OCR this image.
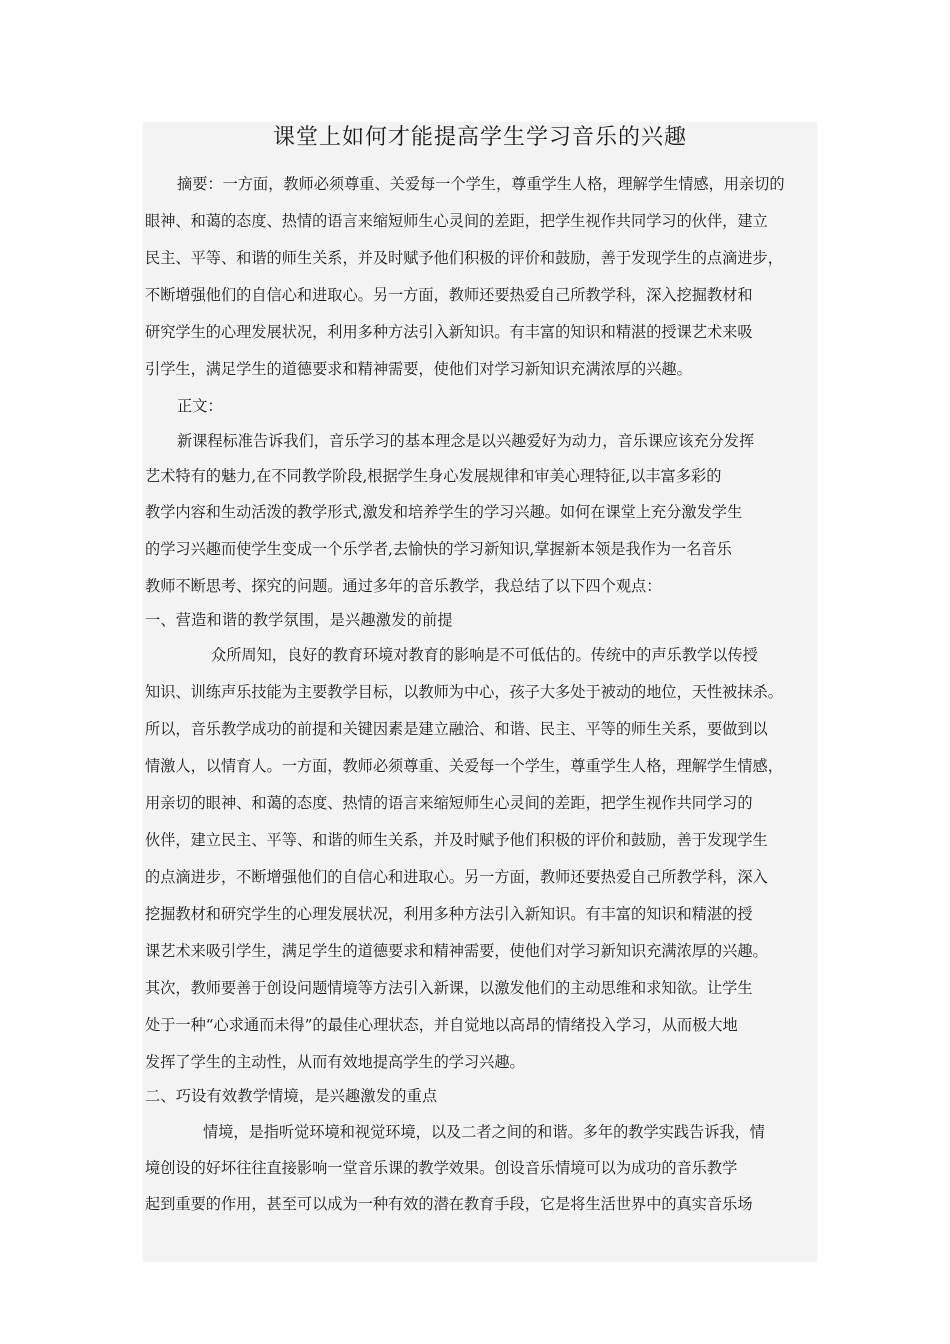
课堂上如何才能提高学生学习音乐的兴趣
摘要：一方面，教师必须尊重、关爱每一个学生，尊重学生人格，理解学生情感，用亲切的
眼神、和蔼的态度、热情的语言来缩短师生心灵间的差距，把学生视作共同学习的伙伴，建立
民主、平等、和谐的师生关系，并及时赋予他们积极的评价和鼓励，善于发现学生的点滴进步，
不断增强他们的自信心和进取心。另一方面，教师还要热爱自己所教学科，深入挖掘教材和
研究学生的心理发展状况，利用多种方法引入新知识。有丰富的知识和精湛的授课艺术来吸
引学生，满足学生的道德要求和精神需要，使他们对学习新知识充满浓厚的兴趣。
正文：
新课程标准告诉我们，音乐学习的基本理念是以兴趣爱好为动力，音乐课应该充分发挥
艺术特有的魅力,在不同教学阶段,根据学生身心发展规律和审美心理特征,以丰富多彩的
教学内容和生动活泼的教学形式,激发和培养学生的学习兴趣。如何在课堂上充分激发学生
的学习兴趣而使学生变成一个乐学者,去愉快的学习新知识,掌握新本领是我作为一名音乐
教师不断思考、探究的问题。通过多年的音乐教学，我总结了以下四个观点：
一、营造和谐的教学氛围，是兴趣激发的前提
众所周知，良好的教育环境对教育的影响是不可低估的。传统中的声乐教学以传授
知识、训练声乐技能为主要教学目标，以教师为中心，孩子大多处于被动的地位，天性被抹杀。
所以，音乐教学成功的前提和关键因素是建立融洽、和谐、民主、平等的师生关系，要做到以
情激人，以情育人。一方面，教师必须尊重、关爱每一个学生，尊重学生人格，理解学生情感，
用亲切的眼神、和蔼的态度、热情的语言来缩短师生心灵间的差距，把学生视作共同学习的
伙伴，建立民主、平等、和谐的师生关系，并及时赋予他们积极的评价和鼓励，善于发现学生
的点滴进步，不断增强他们的自信心和进取心。另一方面，教师还要热爱自己所教学科，深入
挖掘教材和研究学生的心理发展状况，利用多种方法引入新知识。有丰富的知识和精湛的授
课艺术来吸引学生，满足学生的道德要求和精神需要，使他们对学习新知识充满浓厚的兴趣。
其次，教师要善于创设问题情境等方法引入新课，以激发他们的主动思维和求知欲。让学生
处于一种“心求通而未得”的最佳心理状态，并自觉地以高昂的情绪投入学习，从而极大地
发挥了学生的主动性，从而有效地提高学生的学习兴趣。
二、巧设有效教学情境，是兴趣激发的重点
情境，是指听觉环境和视觉环境，以及二者之间的和谐。多年的教学实践告诉我，情
境创设的好坏往往直接影响一堂音乐课的教学效果。创设音乐情境可以为成功的音乐教学
起到重要的作用，甚至可以成为一种有效的潜在教育手段，它是将生活世界中的真实音乐场
